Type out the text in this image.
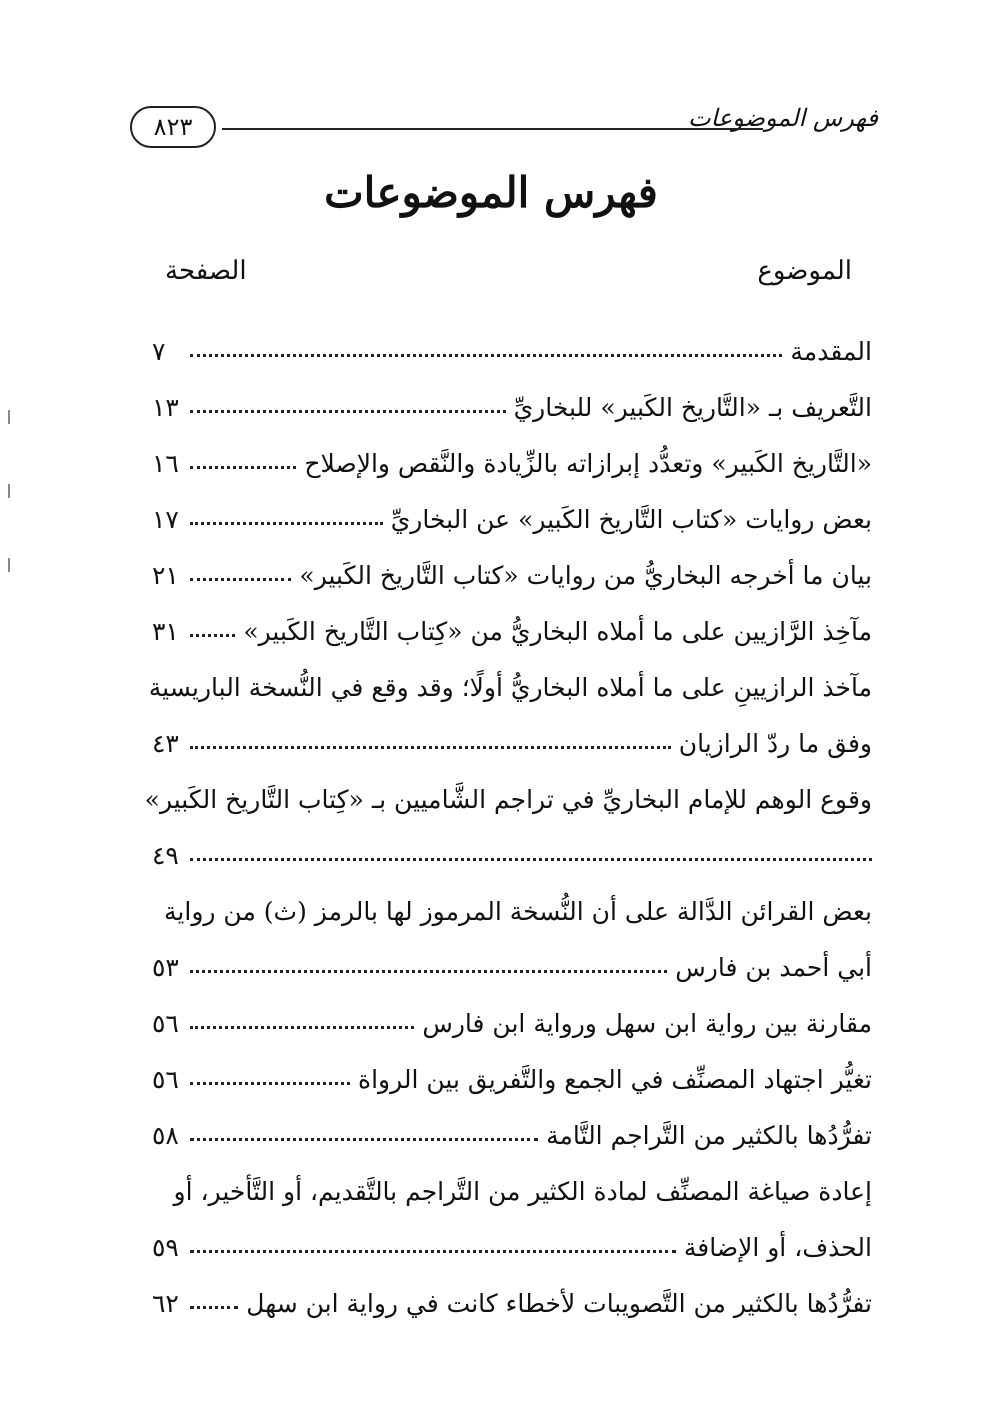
فهرس الموضوعات
٨٢٣
فهرس الموضوعات
الموضوع
الصفحة
المقدمة
٧
التَّعريف بـ «التَّاريخ الكَبير» للبخاريِّ
١٣
«التَّاريخ الكَبير» وتعدُّد إبرازاته بالزِّيادة والنَّقص والإصلاح
١٦
بعض روايات «كتاب التَّاريخ الكَبير» عن البخاريِّ
١٧
بيان ما أخرجه البخاريُّ من روايات «كتاب التَّاريخ الكَبير»
٢١
مآخِذ الرَّازيين على ما أملاه البخاريُّ من «كِتاب التَّاريخ الكَبير»
٣١
مآخذ الرازيينِ على ما أملاه البخاريُّ أولًا؛ وقد وقع في النُّسخة الباريسية
وفق ما ردّ الرازيان
٤٣
وقوع الوهم للإمام البخاريِّ في تراجم الشَّاميين بـ «كِتاب التَّاريخ الكَبير»
٤٩
بعض القرائن الدَّالة على أن النُّسخة المرموز لها بالرمز (ث) من رواية
أبي أحمد بن فارس
٥٣
مقارنة بين رواية ابن سهل ورواية ابن فارس
٥٦
تغيُّر اجتهاد المصنِّف في الجمع والتَّفريق بين الرواة
٥٦
تفرُّدُها بالكثير من التَّراجم التَّامة
٥٨
إعادة صياغة المصنِّف لمادة الكثير من التَّراجم بالتَّقديم، أو التَّأخير، أو
الحذف، أو الإضافة
٥٩
تفرُّدُها بالكثير من التَّصويبات لأخطاء كانت في رواية ابن سهل
٦٢
